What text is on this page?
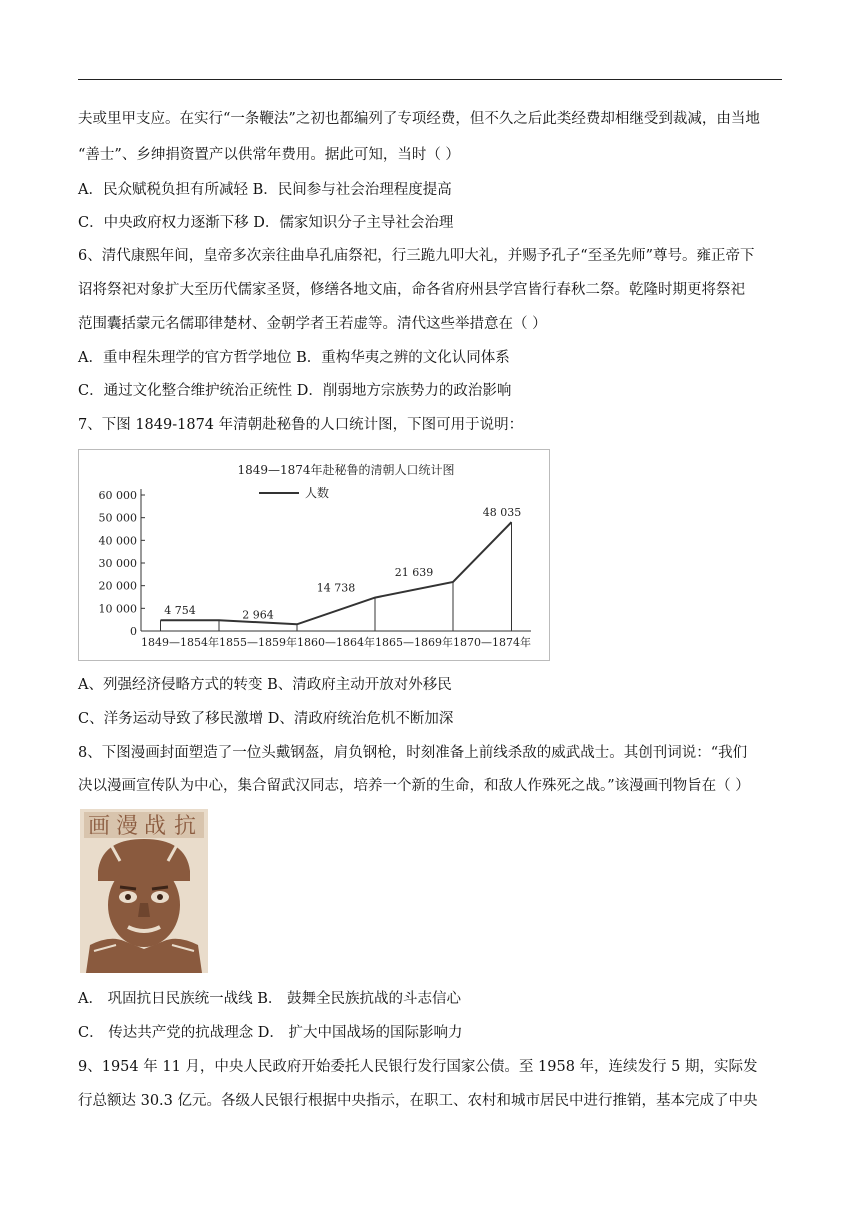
夫或里甲支应。在实行“一条鞭法”之初也都编列了专项经费，但不久之后此类经费却相继受到裁减，由当地
“善士”、乡绅捐资置产以供常年费用。据此可知，当时（ ）
A．民众赋税负担有所减轻 B．民间参与社会治理程度提高
C．中央政府权力逐渐下移 D．儒家知识分子主导社会治理
6、清代康熙年间，皇帝多次亲往曲阜孔庙祭祀，行三跪九叩大礼，并赐予孔子“至圣先师”尊号。雍正帝下
诏将祭祀对象扩大至历代儒家圣贤，修缮各地文庙，命各省府州县学宫皆行春秋二祭。乾隆时期更将祭祀
范围囊括蒙元名儒耶律楚材、金朝学者王若虚等。清代这些举措意在（ ）
A．重申程朱理学的官方哲学地位 B．重构华夷之辨的文化认同体系
C．通过文化整合维护统治正统性 D．削弱地方宗族势力的政治影响
7、下图 1849-1874 年清朝赴秘鲁的人口统计图，下图可用于说明：
1849—1874年赴秘鲁的清朝人口统计图
人数
60 000
50 000
40 000
30 000
20 000
10 000
0
1849—1854年 1855—1859年 1860—1864年 1865—1869年 1870—1874年
4 754	2 964
14 738
21 639
48 035
A、列强经济侵略方式的转变 B、清政府主动开放对外移民
C、洋务运动导致了移民激增 D、清政府统治危机不断加深
8、下图漫画封面塑造了一位头戴钢盔，肩负钢枪，时刻准备上前线杀敌的威武战士。其创刊词说：“我们
决以漫画宣传队为中心，集合留武汉同志，培养一个新的生命，和敌人作殊死之战。”该漫画刊物旨在（ ）
画 漫 战 抗
A． 巩固抗日民族统一战线 B． 鼓舞全民族抗战的斗志信心
C． 传达共产党的抗战理念 D． 扩大中国战场的国际影响力
9、1954 年 11 月，中央人民政府开始委托人民银行发行国家公债。至 1958 年，连续发行 5 期，实际发
行总额达 30.3 亿元。各级人民银行根据中央指示，在职工、农村和城市居民中进行推销，基本完成了中央
